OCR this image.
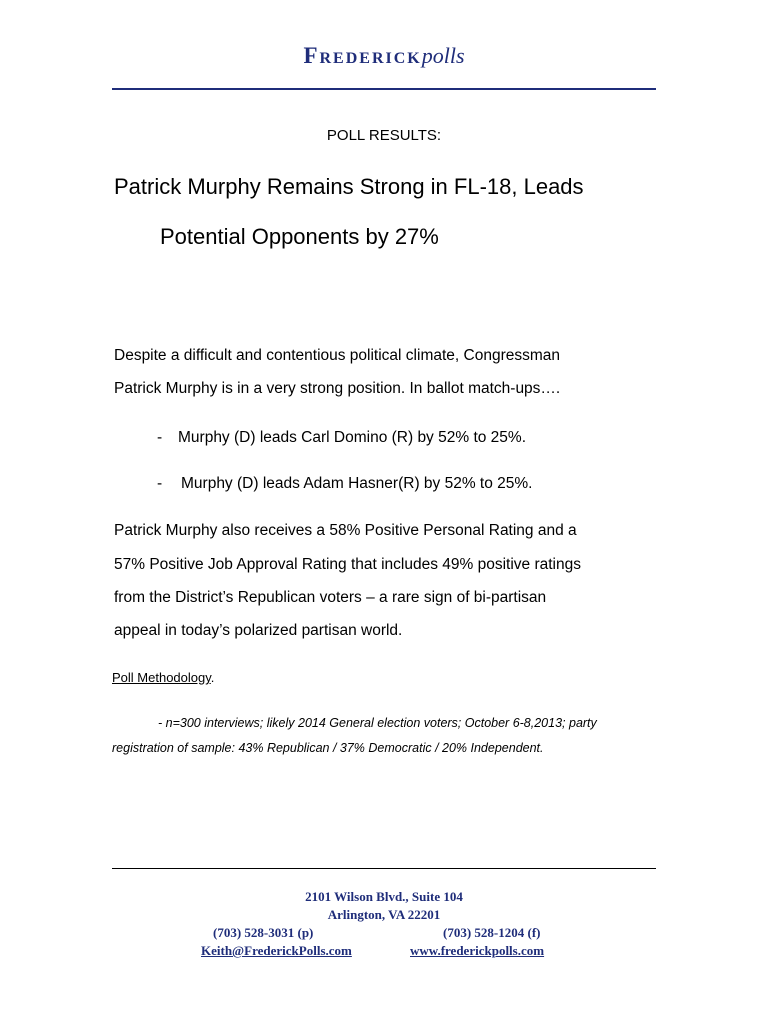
Frederickpolls
POLL RESULTS:
Patrick Murphy Remains Strong in FL-18, Leads
Potential Opponents by 27%
Despite a difficult and contentious political climate, Congressman
Patrick Murphy is in a very strong position. In ballot match-ups….
- Murphy (D) leads Carl Domino (R) by 52% to 25%.
- Murphy (D) leads Adam Hasner(R) by 52% to 25%.
Patrick Murphy also receives a 58% Positive Personal Rating and a
57% Positive Job Approval Rating that includes 49% positive ratings
from the District’s Republican voters – a rare sign of bi-partisan
appeal in today’s polarized partisan world.
Poll Methodology.
- n=300 interviews; likely 2014 General election voters; October 6-8,2013; party
registration of sample: 43% Republican / 37% Democratic / 20% Independent.
2101 Wilson Blvd., Suite 104
Arlington, VA 22201
(703) 528-3031 (p)	(703) 528-1204 (f)
Keith@FrederickPolls.com	www.frederickpolls.com
